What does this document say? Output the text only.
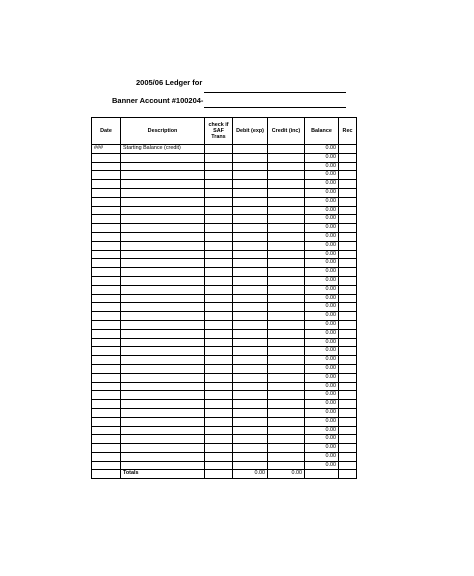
2005/06 Ledger for
Banner Account #100204-
Date	Description	check if SAF Trans	Debit (exp)	Credit (inc)	Balance	Rec
###	Starting Balance (credit)				0.00	
					0.00	
					0.00	
					0.00	
					0.00	
					0.00	
					0.00	
					0.00	
					0.00	
					0.00	
					0.00	
					0.00	
					0.00	
					0.00	
					0.00	
					0.00	
					0.00	
					0.00	
					0.00	
					0.00	
					0.00	
					0.00	
					0.00	
					0.00	
					0.00	
					0.00	
					0.00	
					0.00	
					0.00	
					0.00	
					0.00	
					0.00	
					0.00	
					0.00	
					0.00	
					0.00	
					0.00	
	Totals		0.00	0.00		
